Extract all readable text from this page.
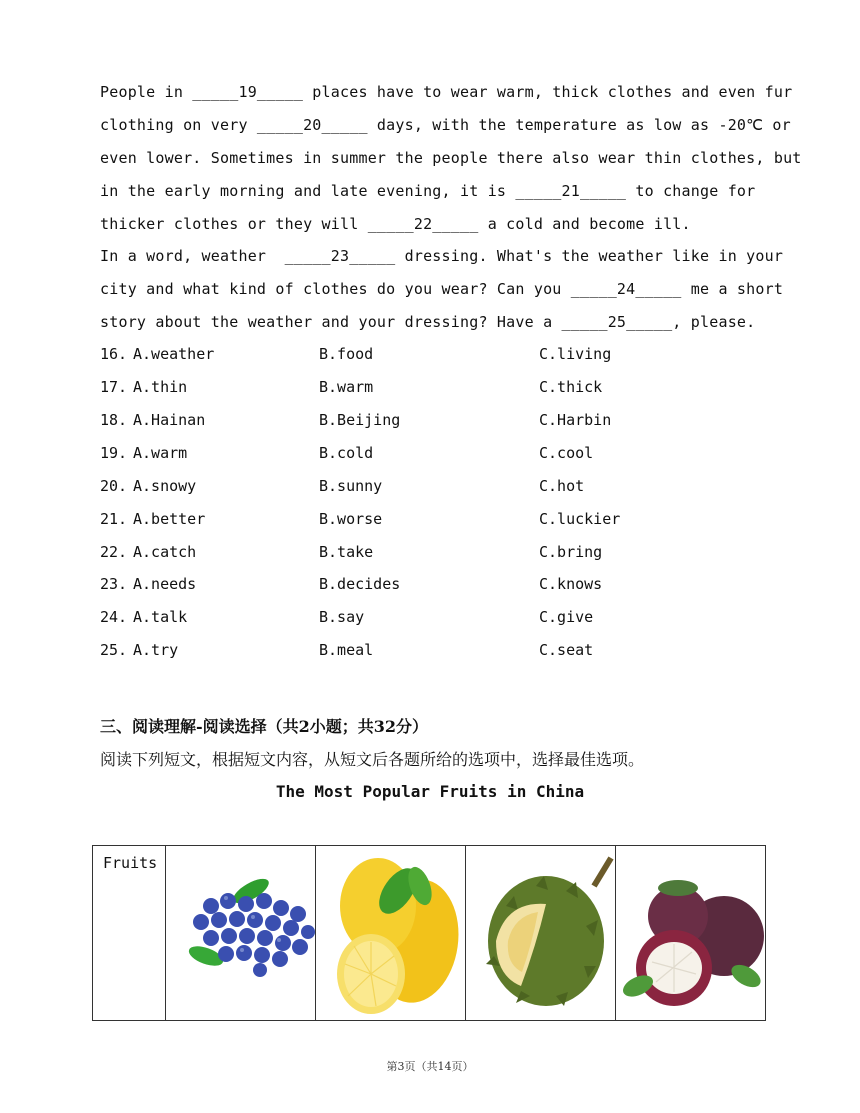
People in _____19_____ places have to wear warm, thick clothes and even fur
clothing on very _____20_____ days, with the temperature as low as -20℃ or
even lower. Sometimes in summer the people there also wear thin clothes, but
in the early morning and late evening, it is _____21_____ to change for
thicker clothes or they will _____22_____ a cold and become ill.
In a word, weather  _____23_____ dressing. What's the weather like in your
city and what kind of clothes do you wear? Can you _____24_____ me a short
story about the weather and your dressing? Have a _____25_____, please.
16. A.weather	B.food	C.living
17. A.thin	B.warm	C.thick
18. A.Hainan	B.Beijing	C.Harbin
19. A.warm	B.cold	C.cool
20. A.snowy	B.sunny	C.hot
21. A.better	B.worse	C.luckier
22. A.catch	B.take	C.bring
23. A.needs	B.decides	C.knows
24. A.talk	B.say	C.give
25. A.try	B.meal	C.seat
三、阅读理解-阅读选择（共2小题；共32分）
阅读下列短文，根据短文内容，从短文后各题所给的选项中，选择最佳选项。
The Most Popular Fruits in China
Fruits

第3页（共14页）
